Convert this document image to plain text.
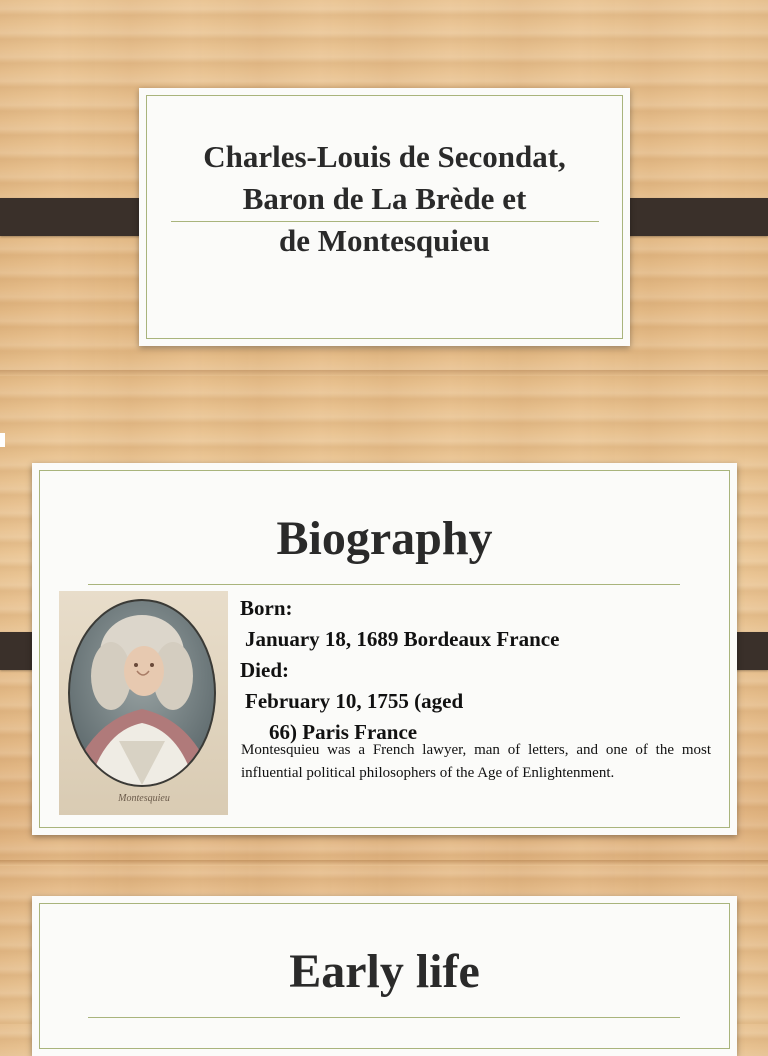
Charles-Louis de Secondat,
Baron de La Brède et
de Montesquieu
Biography
Montesquieu
Born:
January 18, 1689 Bordeaux France
Died:
February 10, 1755 (aged
66) Paris France
Montesquieu was a French lawyer, man of letters, and one of the most influential political philosophers of the Age of Enlightenment.
Early life
